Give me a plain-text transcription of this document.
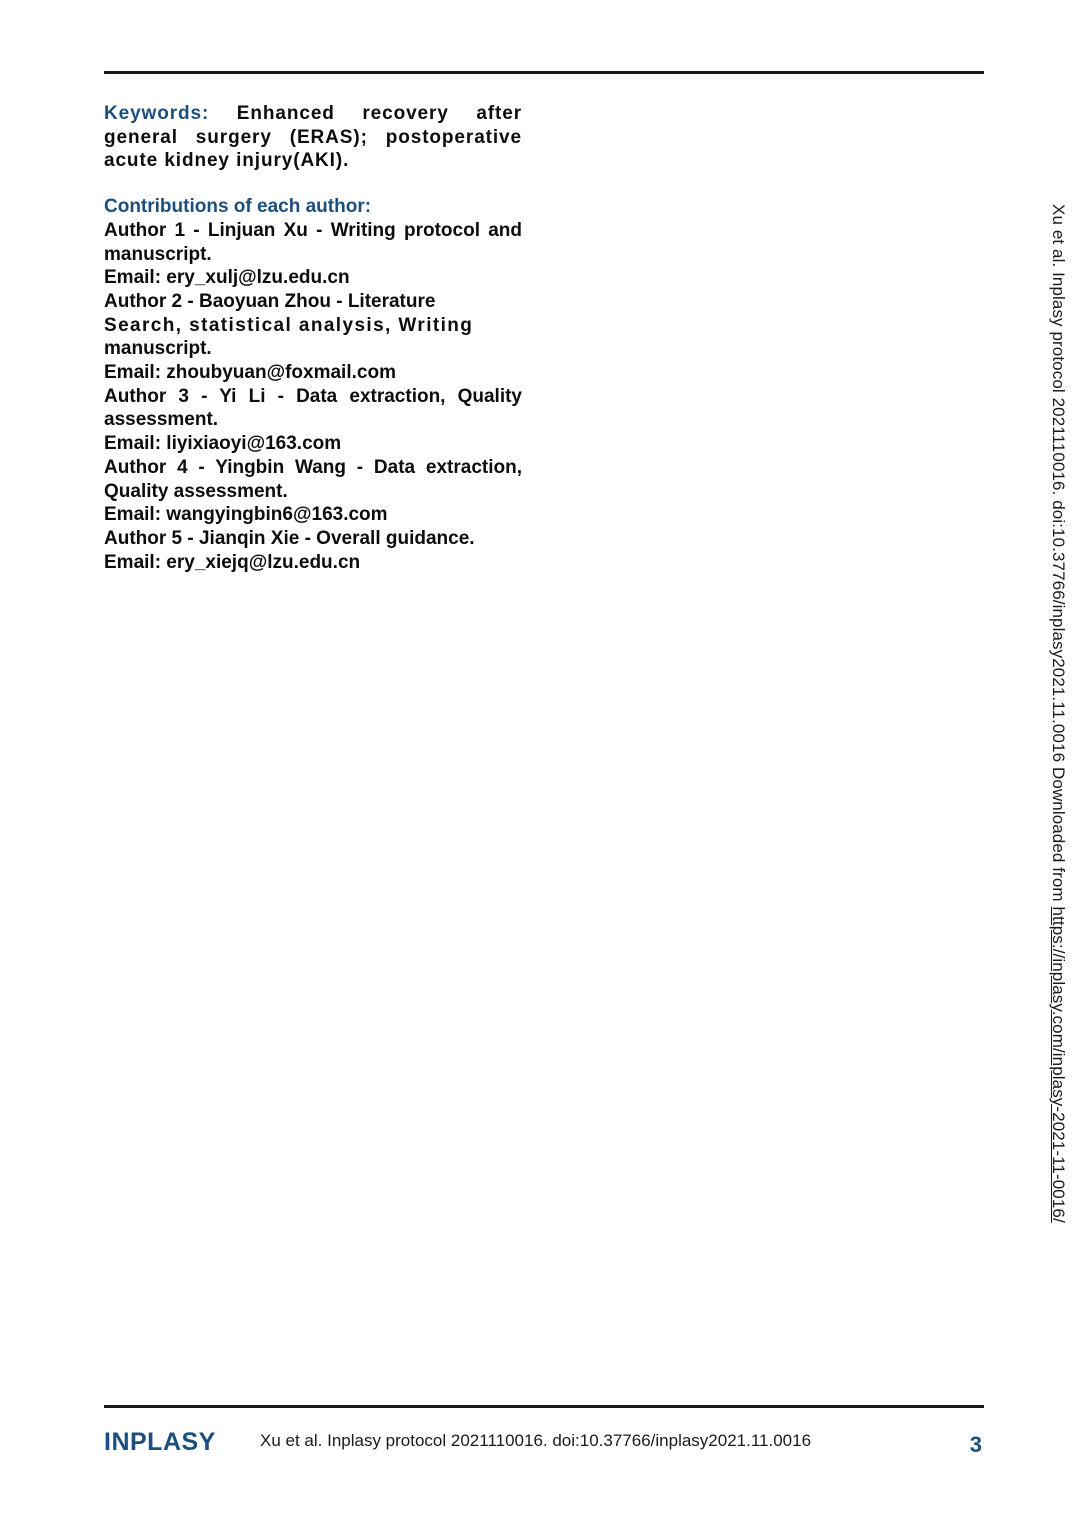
Keywords: Enhanced recovery after general surgery (ERAS); postoperative acute kidney injury(AKI).

Contributions of each author:

Author 1 - Linjuan Xu - Writing protocol and manuscript.

Email: ery_xulj@lzu.edu.cn

Author 2 - Baoyuan Zhou - Literature

Search, statistical analysis, Writing

manuscript.

Email: zhoubyuan@foxmail.com

Author 3 - Yi Li - Data extraction, Quality assessment.

Email: liyixiaoyi@163.com

Author 4 - Yingbin Wang - Data extraction, Quality assessment.

Email: wangyingbin6@163.com

Author 5 - Jianqin Xie - Overall guidance.

Email: ery_xiejq@lzu.edu.cn	Xu et al. Inplasy protocol 2021110016. doi:10.37766/inplasy2021.11.0016 Downloaded from https://inplasy.com/inplasy-2021-11-0016/
INPLASY	Xu et al. Inplasy protocol 2021110016. doi:10.37766/inplasy2021.11.0016	3
